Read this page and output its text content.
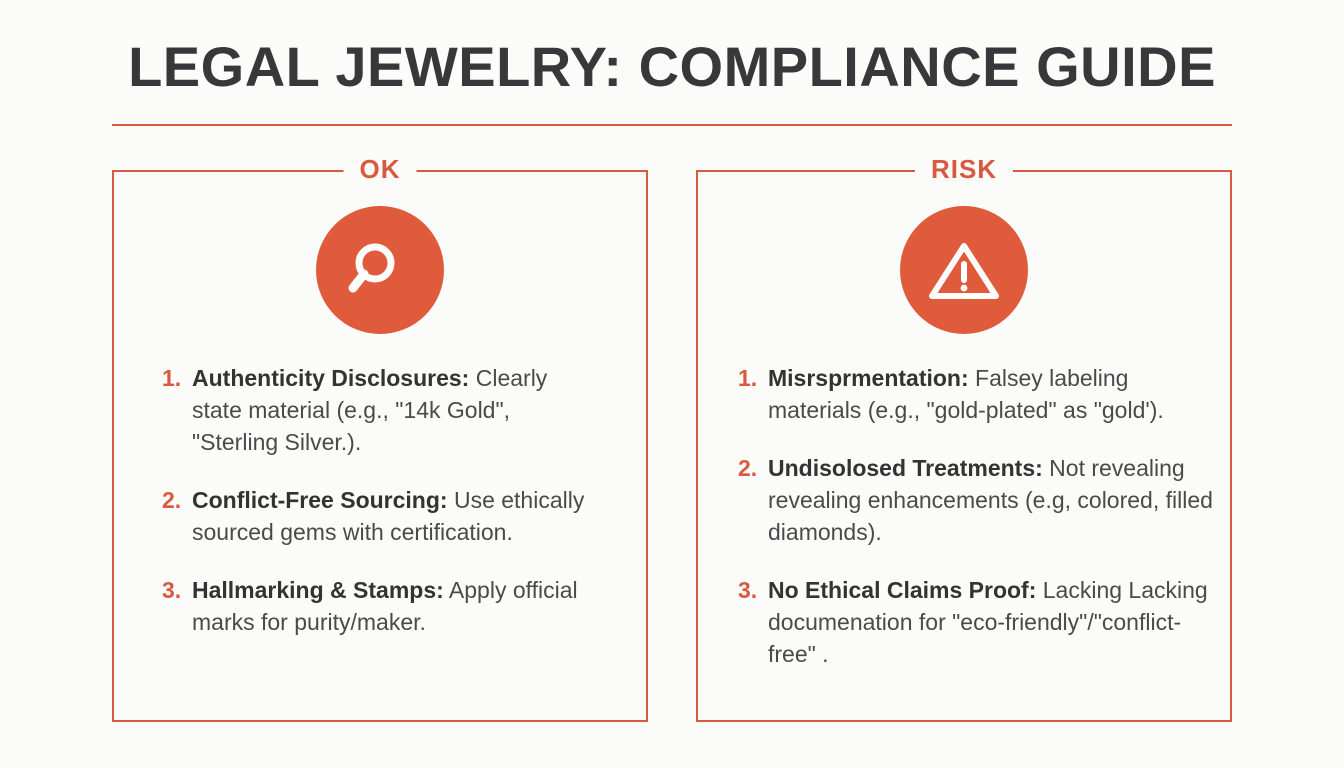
LEGAL JEWELRY: COMPLIANCE GUIDE
OK
1. Authenticity Disclosures: Clearly state material (e.g., "14k Gold", "Sterling Silver.).
2. Conflict-Free Sourcing: Use ethically sourced gems with certification.
3. Hallmarking & Stamps: Apply official marks for purity/maker.
RISK
1. Misrsprmentation: Falsey labeling materials (e.g., "gold-plated" as "gold').
2. Undisolosed Treatments: Not revealing revealing enhancements (e.g, colored, filled diamonds).
3. No Ethical Claims Proof: Lacking Lacking documenation for "eco-friendly"/"conflict-free" .
